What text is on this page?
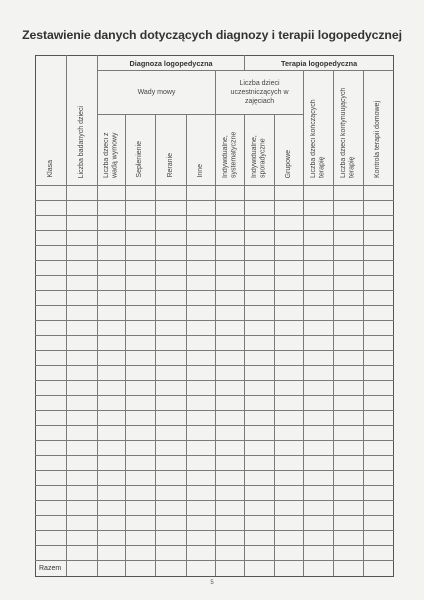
Zestawienie danych dotyczących diagnozy i terapii logopedycznej
Klasa	Liczba badanych dzieci	Diagnoza logopedyczna					Terapia logopedyczna				
		Wady mowy				Liczba dzieci uczestniczących w zajęciach			Liczba dzieci kończących terapię	Liczba dzieci kontynuujących terapię	Kontrola terapii domowej
		Liczba dzieci z wadą wymowy	Seplenienie	Reranie	Inne	Indywidualne, systematyczne	Indywidualne, sporadyczne	Grupowe			

Razem											
5
